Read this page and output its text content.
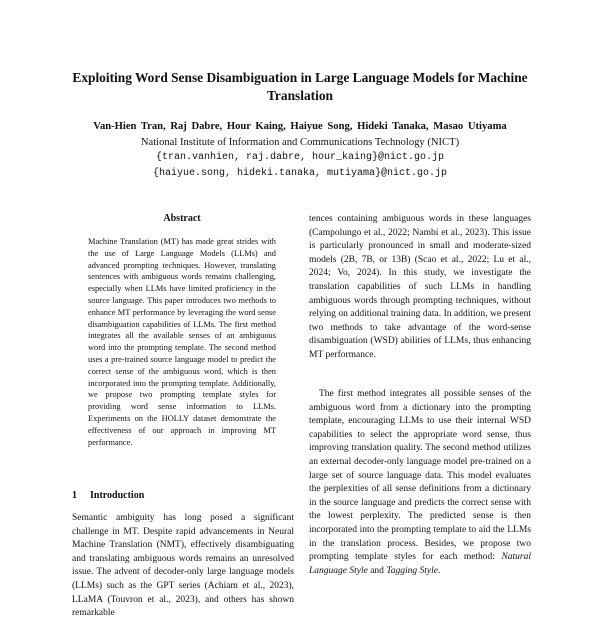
Exploiting Word Sense Disambiguation in Large Language Models for Machine Translation
Van-Hien Tran, Raj Dabre, Hour Kaing, Haiyue Song, Hideki Tanaka, Masao Utiyama
National Institute of Information and Communications Technology (NICT)
{tran.vanhien, raj.dabre, hour_kaing}@nict.go.jp
{haiyue.song, hideki.tanaka, mutiyama}@nict.go.jp
Abstract
Machine Translation (MT) has made great strides with the use of Large Language Models (LLMs) and advanced prompting techniques. However, translating sentences with ambiguous words remains challenging, especially when LLMs have limited proficiency in the source language. This paper introduces two methods to enhance MT performance by leveraging the word sense disambiguation capabilities of LLMs. The first method integrates all the available senses of an ambiguous word into the prompting template. The second method uses a pre-trained source language model to predict the correct sense of the ambiguous word, which is then incorporated into the prompting template. Additionally, we propose two prompting template styles for providing word sense information to LLMs. Experiments on the HOLLY dataset demonstrate the effectiveness of our approach in improving MT performance.
1 Introduction
Semantic ambiguity has long posed a significant challenge in MT. Despite rapid advancements in Neural Machine Translation (NMT), effectively disambiguating and translating ambiguous words remains an unresolved issue. The advent of decoder-only large language models (LLMs) such as the GPT series (Achiam et al., 2023), LLaMA (Touvron et al., 2023), and others has shown remarkable
tences containing ambiguous words in these languages (Campolungo et al., 2022; Nambi et al., 2023). This issue is particularly pronounced in small and moderate-sized models (2B, 7B, or 13B) (Scao et al., 2022; Lu et al., 2024; Vo, 2024). In this study, we investigate the translation capabilities of such LLMs in handling ambiguous words through prompting techniques, without relying on additional training data. In addition, we present two methods to take advantage of the word-sense disambiguation (WSD) abilities of LLMs, thus enhancing MT performance.
The first method integrates all possible senses of the ambiguous word from a dictionary into the prompting template, encouraging LLMs to use their internal WSD capabilities to select the appropriate word sense, thus improving translation quality. The second method utilizes an external decoder-only language model pre-trained on a large set of source language data. This model evaluates the perplexities of all sense definitions from a dictionary in the source language and predicts the correct sense with the lowest perplexity. The predicted sense is then incorporated into the prompting template to aid the LLMs in the translation process. Besides, we propose two prompting template styles for each method: Natural Language Style and Tagging Style.
